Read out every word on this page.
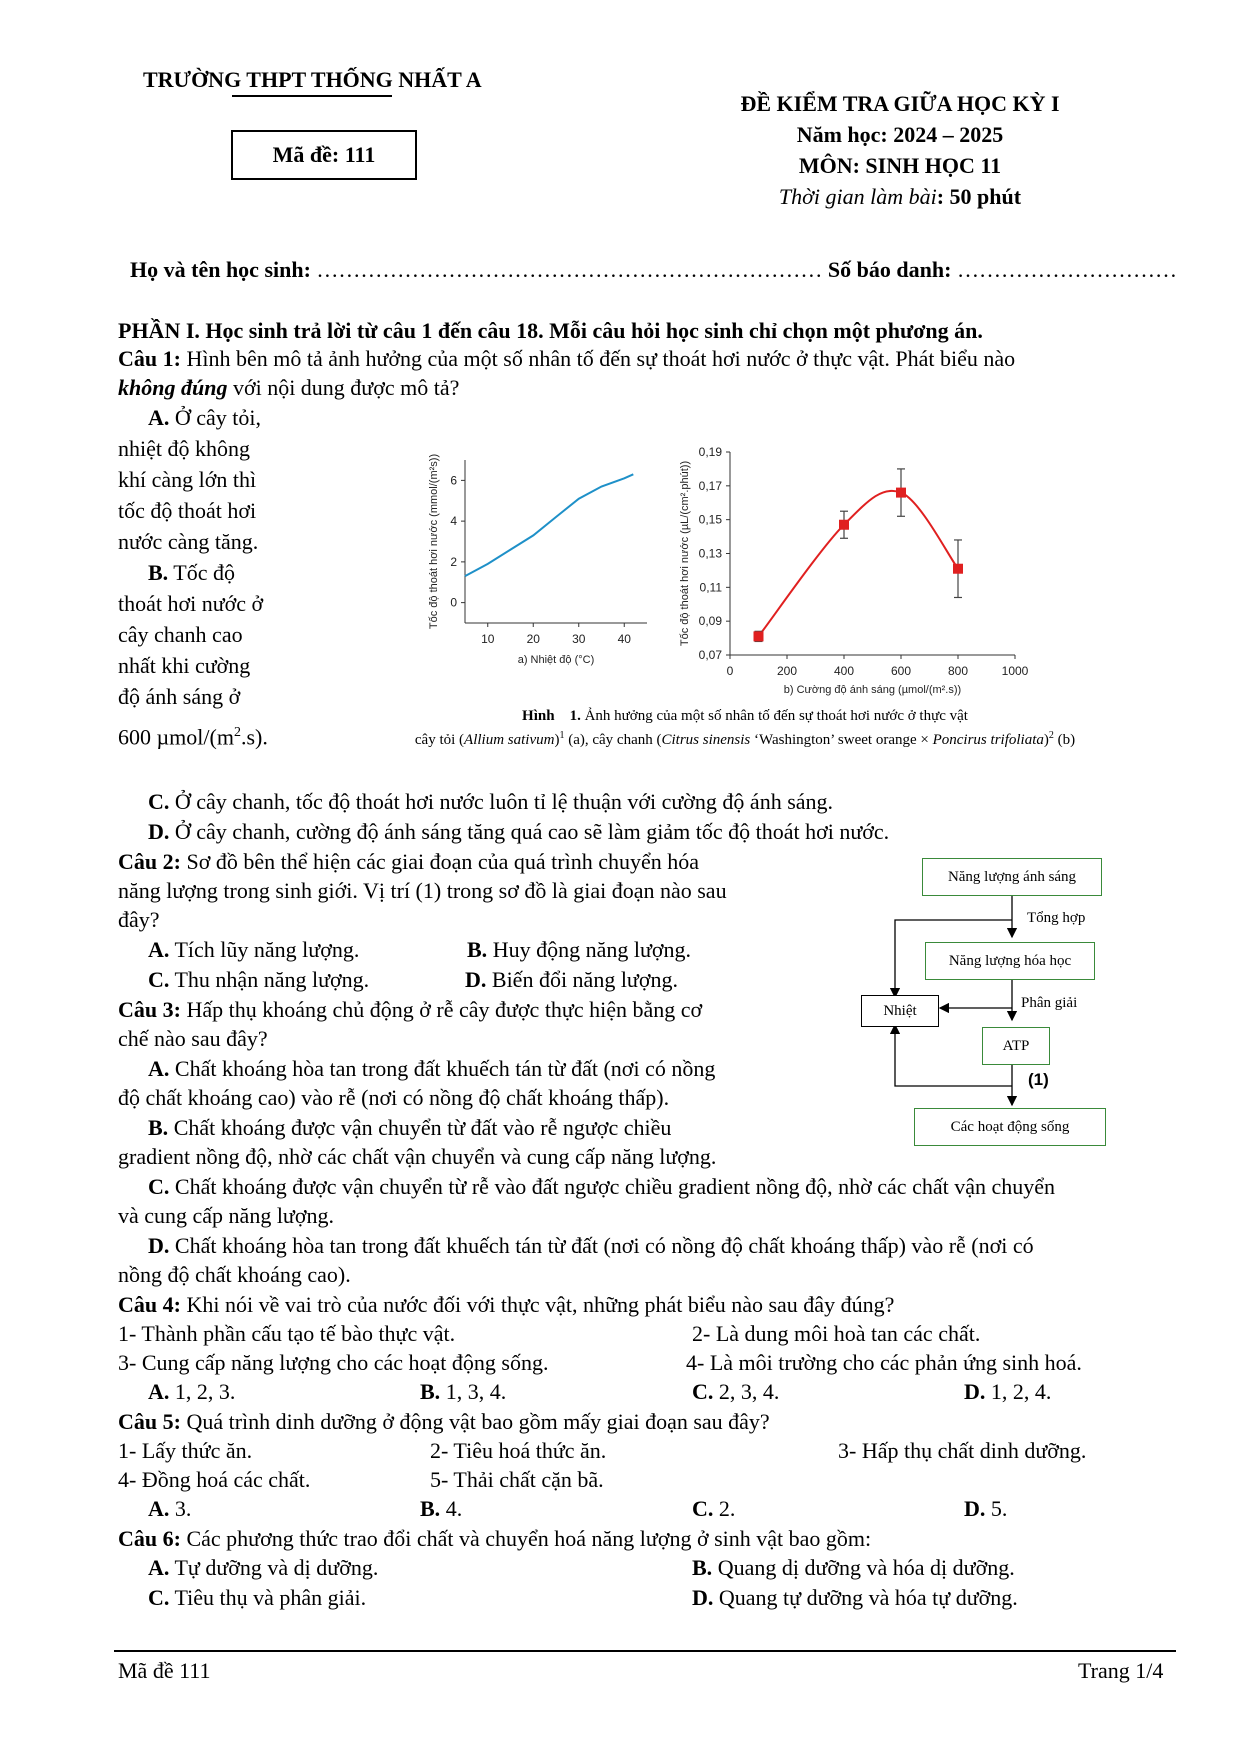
TRƯỜNG THPT THỐNG NHẤT A
Mã đề: 111
ĐỀ KIỂM TRA GIỮA HỌC KỲ I
Năm học: 2024 – 2025
MÔN: SINH HỌC 11
Thời gian làm bài: 50 phút
Họ và tên học sinh: …………………………………………………………… Số báo danh: …………………………
PHẦN I. Học sinh trả lời từ câu 1 đến câu 18. Mỗi câu hỏi học sinh chỉ chọn một phương án.
Câu 1: Hình bên mô tả ảnh hưởng của một số nhân tố đến sự thoát hơi nước ở thực vật. Phát biểu nào
không đúng với nội dung được mô tả?
A. Ở cây tỏi,
nhiệt độ không
khí càng lớn thì
tốc độ thoát hơi
nước càng tăng.
B. Tốc độ
thoát hơi nước ở
cây chanh cao
nhất khi cường
độ ánh sáng ở
600 µmol/$(m^2.s)$.
10	20	30	40
0
2
4
6
a) Nhiệt độ (°C)
Tốc độ thoát hơi nước (mmol/(m²s))
0	200	400	600	800	1000
0,07
0,09
0,11
0,13
0,15
0,17
0,19
b) Cường độ ánh sáng (µmol/(m².s))
Tốc độ thoát hơi nước (µL/(cm².phút))
Hình 1. Ảnh hưởng của một số nhân tố đến sự thoát hơi nước ở thực vật
cây tỏi (Allium sativum)$^1$ (a), cây chanh (Citrus sinensis ‘Washington’ sweet orange × Poncirus trifoliata)$^2$ (b)
C. Ở cây chanh, tốc độ thoát hơi nước luôn tỉ lệ thuận với cường độ ánh sáng.
D. Ở cây chanh, cường độ ánh sáng tăng quá cao sẽ làm giảm tốc độ thoát hơi nước.
Câu 2: Sơ đồ bên thể hiện các giai đoạn của quá trình chuyển hóa
năng lượng trong sinh giới. Vị trí (1) trong sơ đồ là giai đoạn nào sau
đây?
A. Tích lũy năng lượng.	B. Huy động năng lượng.
C. Thu nhận năng lượng.	D. Biến đổi năng lượng.
Năng lượng ánh sáng
Tổng hợp
Năng lượng hóa học
Phân giải
Nhiệt
ATP
(1)
Các hoạt động sống
Câu 3: Hấp thụ khoáng chủ động ở rễ cây được thực hiện bằng cơ
chế nào sau đây?
A. Chất khoáng hòa tan trong đất khuếch tán từ đất (nơi có nồng
độ chất khoáng cao) vào rễ (nơi có nồng độ chất khoáng thấp).
B. Chất khoáng được vận chuyển từ đất vào rễ ngược chiều
gradient nồng độ, nhờ các chất vận chuyển và cung cấp năng lượng.
C. Chất khoáng được vận chuyển từ rễ vào đất ngược chiều gradient nồng độ, nhờ các chất vận chuyển
và cung cấp năng lượng.
D. Chất khoáng hòa tan trong đất khuếch tán từ đất (nơi có nồng độ chất khoáng thấp) vào rễ (nơi có
nồng độ chất khoáng cao).
Câu 4: Khi nói về vai trò của nước đối với thực vật, những phát biểu nào sau đây đúng?
1- Thành phần cấu tạo tế bào thực vật.	2- Là dung môi hoà tan các chất.
3- Cung cấp năng lượng cho các hoạt động sống.	4- Là môi trường cho các phản ứng sinh hoá.
A. 1, 2, 3.	B. 1, 3, 4.	C. 2, 3, 4.	D. 1, 2, 4.
Câu 5: Quá trình dinh dưỡng ở động vật bao gồm mấy giai đoạn sau đây?
1- Lấy thức ăn.	2- Tiêu hoá thức ăn.	3- Hấp thụ chất dinh dưỡng.
4- Đồng hoá các chất.	5- Thải chất cặn bã.
A. 3.	B. 4.	C. 2.	D. 5.
Câu 6: Các phương thức trao đổi chất và chuyển hoá năng lượng ở sinh vật bao gồm:
A. Tự dưỡng và dị dưỡng.	B. Quang dị dưỡng và hóa dị dưỡng.
C. Tiêu thụ và phân giải.	D. Quang tự dưỡng và hóa tự dưỡng.
Mã đề 111	Trang 1/4
